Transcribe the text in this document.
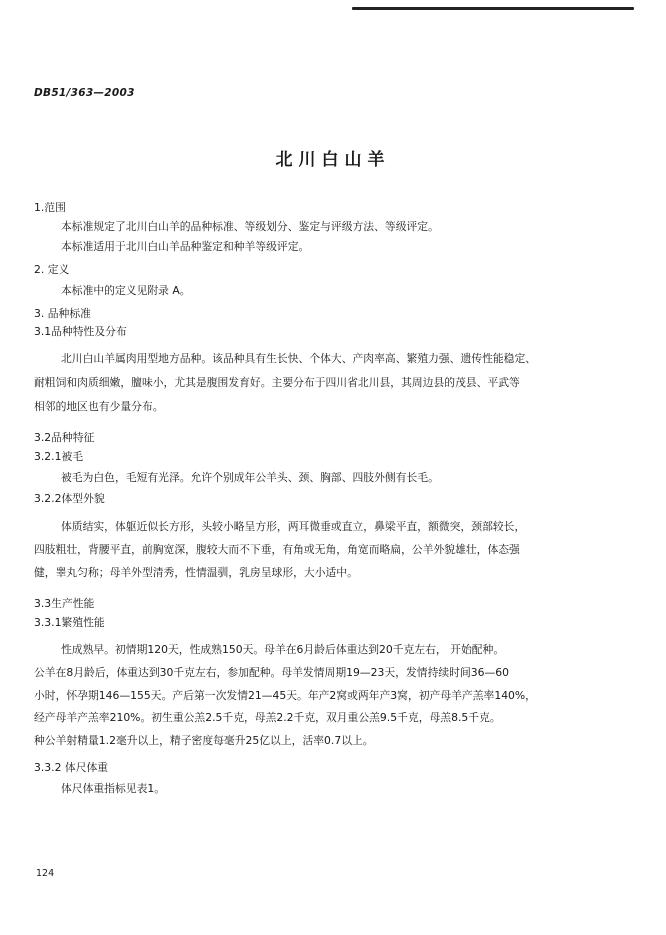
DB51/363—2003
北川白山羊
1.范围
本标准规定了北川白山羊的品种标准、等级划分、鉴定与评级方法、等级评定。
本标准适用于北川白山羊品种鉴定和种羊等级评定。
2. 定义
本标准中的定义见附录 A。
3. 品种标准
3.1品种特性及分布
北川白山羊属肉用型地方品种。该品种具有生长快、个体大、产肉率高、繁殖力强、遗传性能稳定、
耐粗饲和肉质细嫩，膻味小，尤其是腹围发育好。主要分布于四川省北川县，其周边县的茂县、平武等
相邻的地区也有少量分布。
3.2品种特征
3.2.1被毛
被毛为白色，毛短有光泽。允许个别成年公羊头、颈、胸部、四肢外侧有长毛。
3.2.2体型外貌
体质结实，体躯近似长方形，头较小略呈方形，两耳微垂或直立，鼻梁平直，额微突，颈部较长，
四肢粗壮，背腰平直，前胸宽深，腹较大而不下垂，有角或无角，角宽而略扁，公羊外貌雄壮，体态强
健，睾丸匀称；母羊外型清秀，性情温驯，乳房呈球形，大小适中。
3.3生产性能
3.3.1繁殖性能
性成熟早。初情期120天，性成熟150天。母羊在6月龄后体重达到20千克左右， 开始配种。
公羊在8月龄后，体重达到30千克左右，参加配种。母羊发情周期19—23天，发情持续时间36—60
小时，怀孕期146—155天。产后第一次发情21—45天。年产2窝或两年产3窝，初产母羊产羔率140%，
经产母羊产羔率210%。初生重公羔2.5千克，母羔2.2千克，双月重公羔9.5千克，母羔8.5千克。
种公羊射精量1.2毫升以上，精子密度每毫升25亿以上，活率0.7以上。
3.3.2 体尺体重
体尺体重指标见表1。
124
